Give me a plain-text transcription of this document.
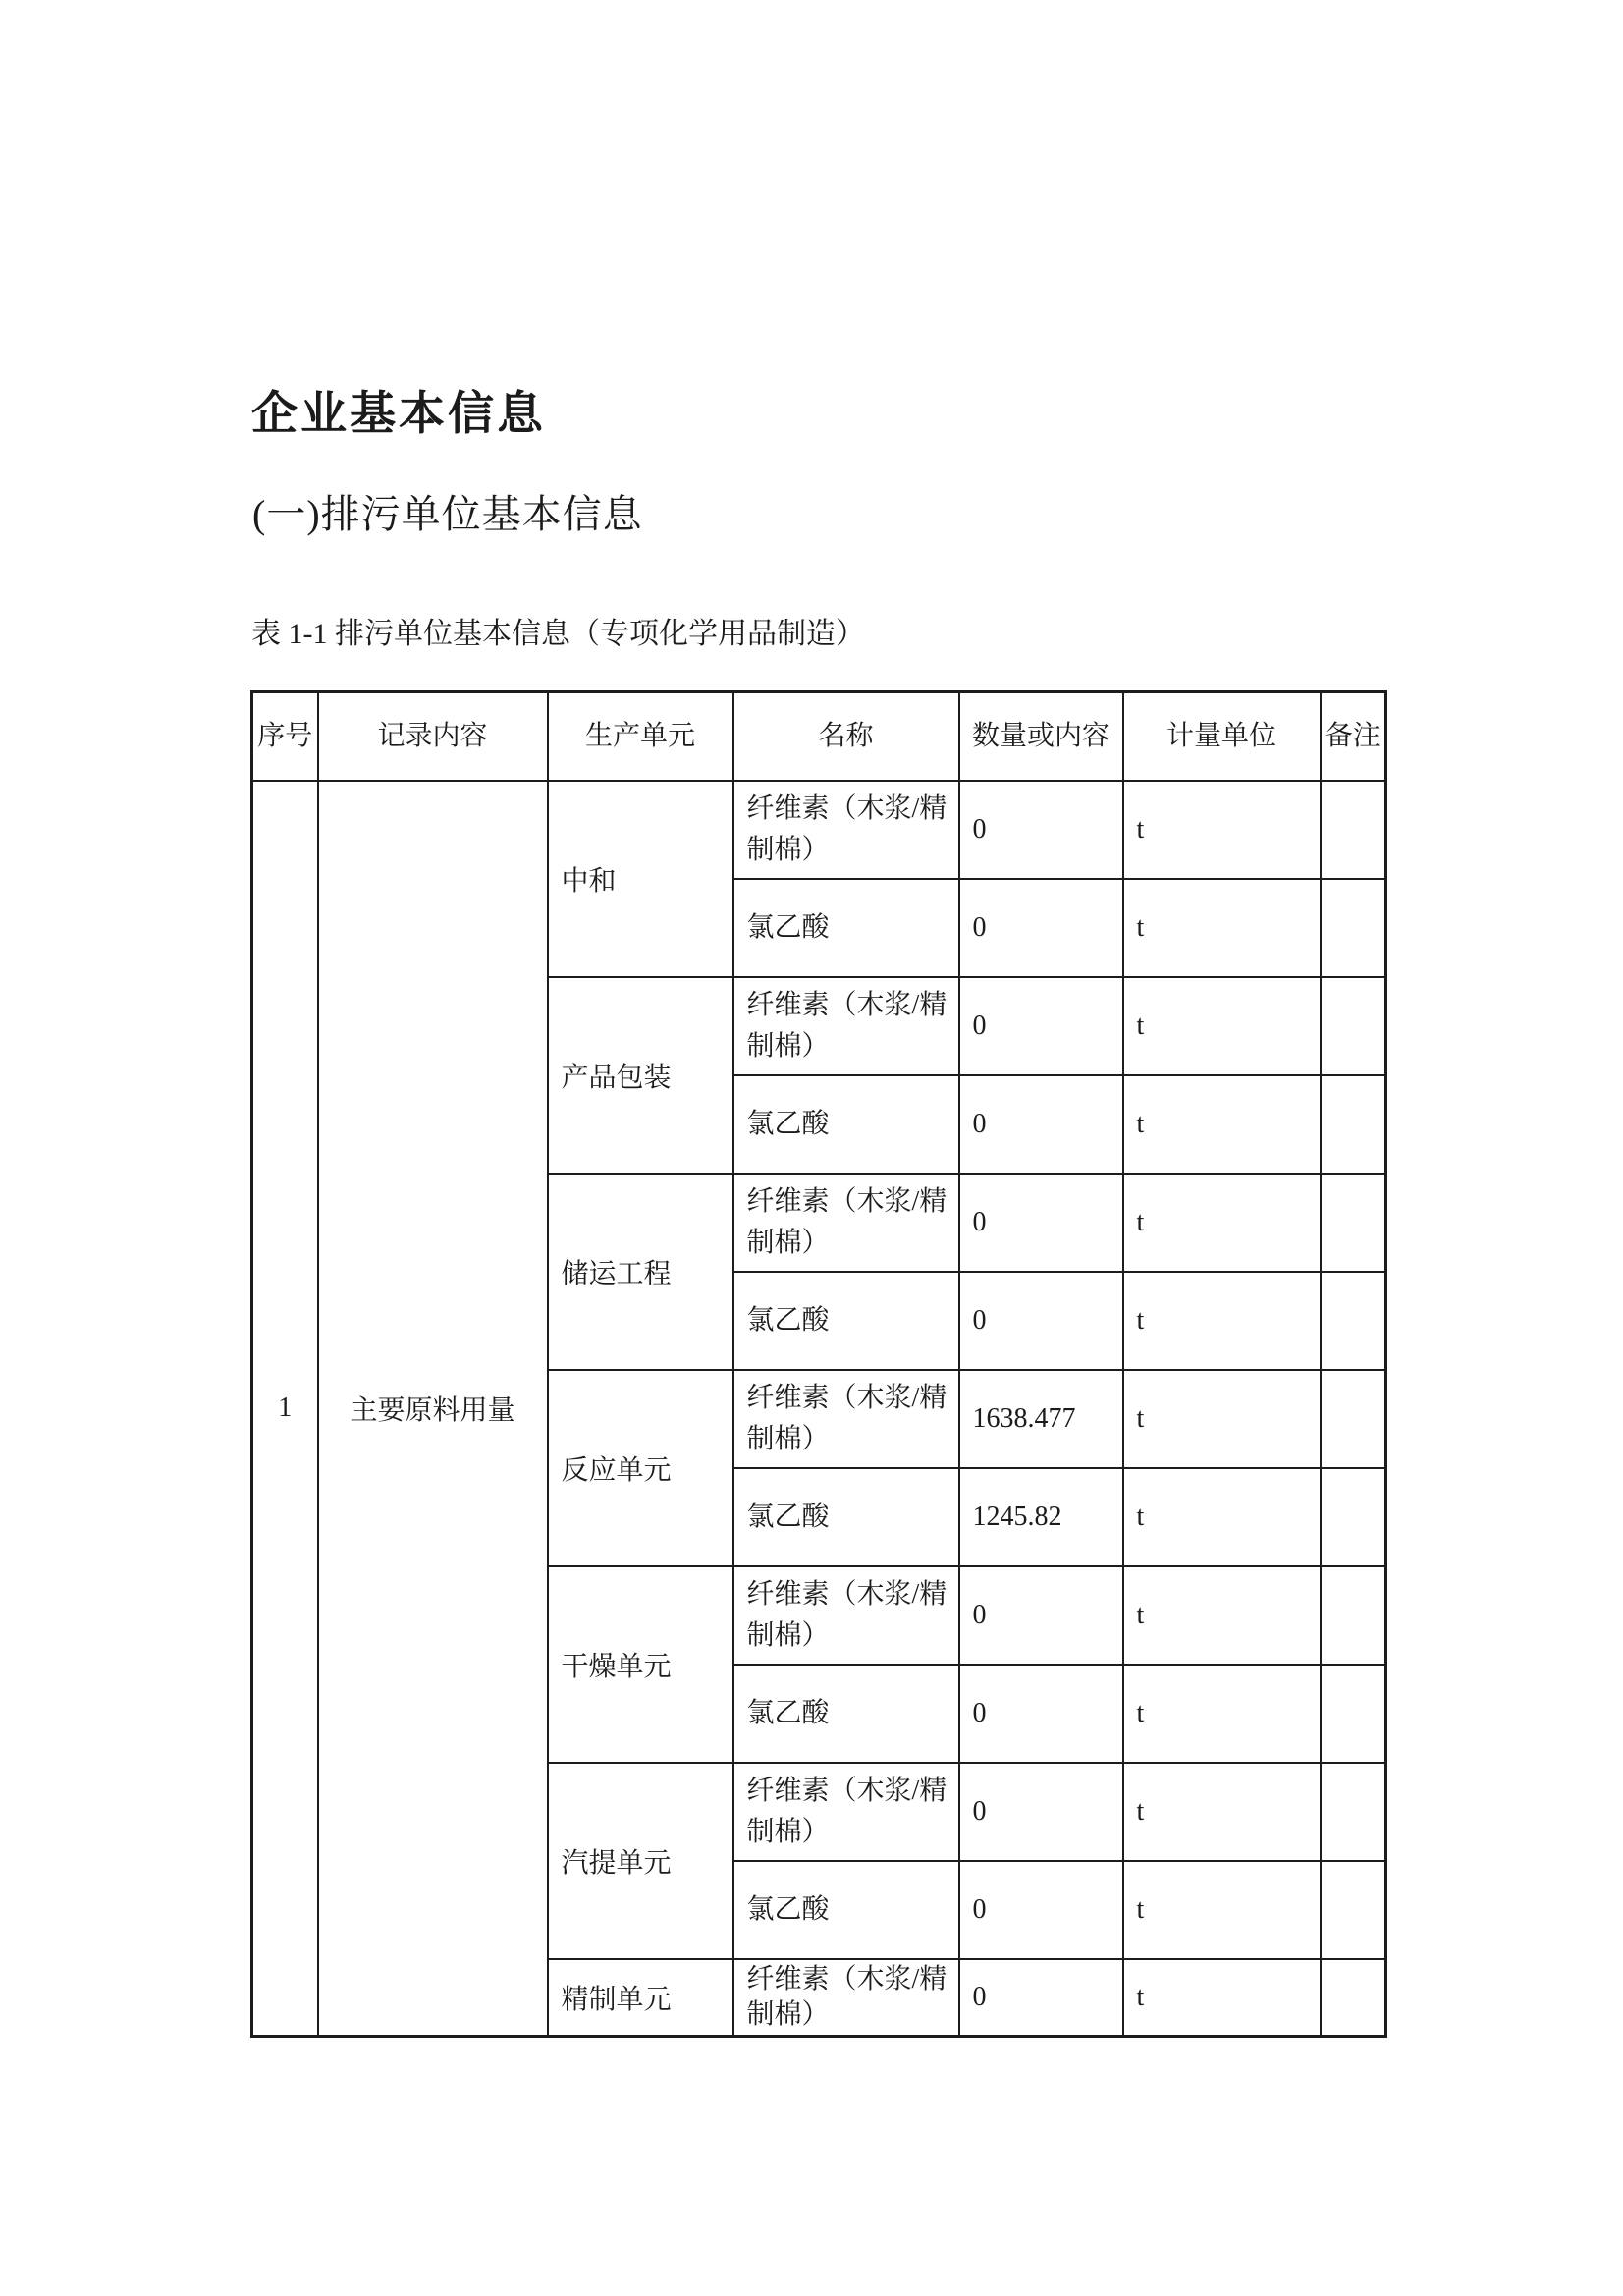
企业基本信息
(一)排污单位基本信息
表 1-1 排污单位基本信息（专项化学用品制造）
序号	记录内容	生产单元	名称	数量或内容	计量单位	备注
1	主要原料用量	中和	纤维素（木浆/精制棉）	0	t	
			氯乙酸	0	t	
		产品包装	纤维素（木浆/精制棉）	0	t	
			氯乙酸	0	t	
		储运工程	纤维素（木浆/精制棉）	0	t	
			氯乙酸	0	t	
		反应单元	纤维素（木浆/精制棉）	1638.477	t	
			氯乙酸	1245.82	t	
		干燥单元	纤维素（木浆/精制棉）	0	t	
			氯乙酸	0	t	
		汽提单元	纤维素（木浆/精制棉）	0	t	
			氯乙酸	0	t	
		精制单元	纤维素（木浆/精制棉）	0	t	
